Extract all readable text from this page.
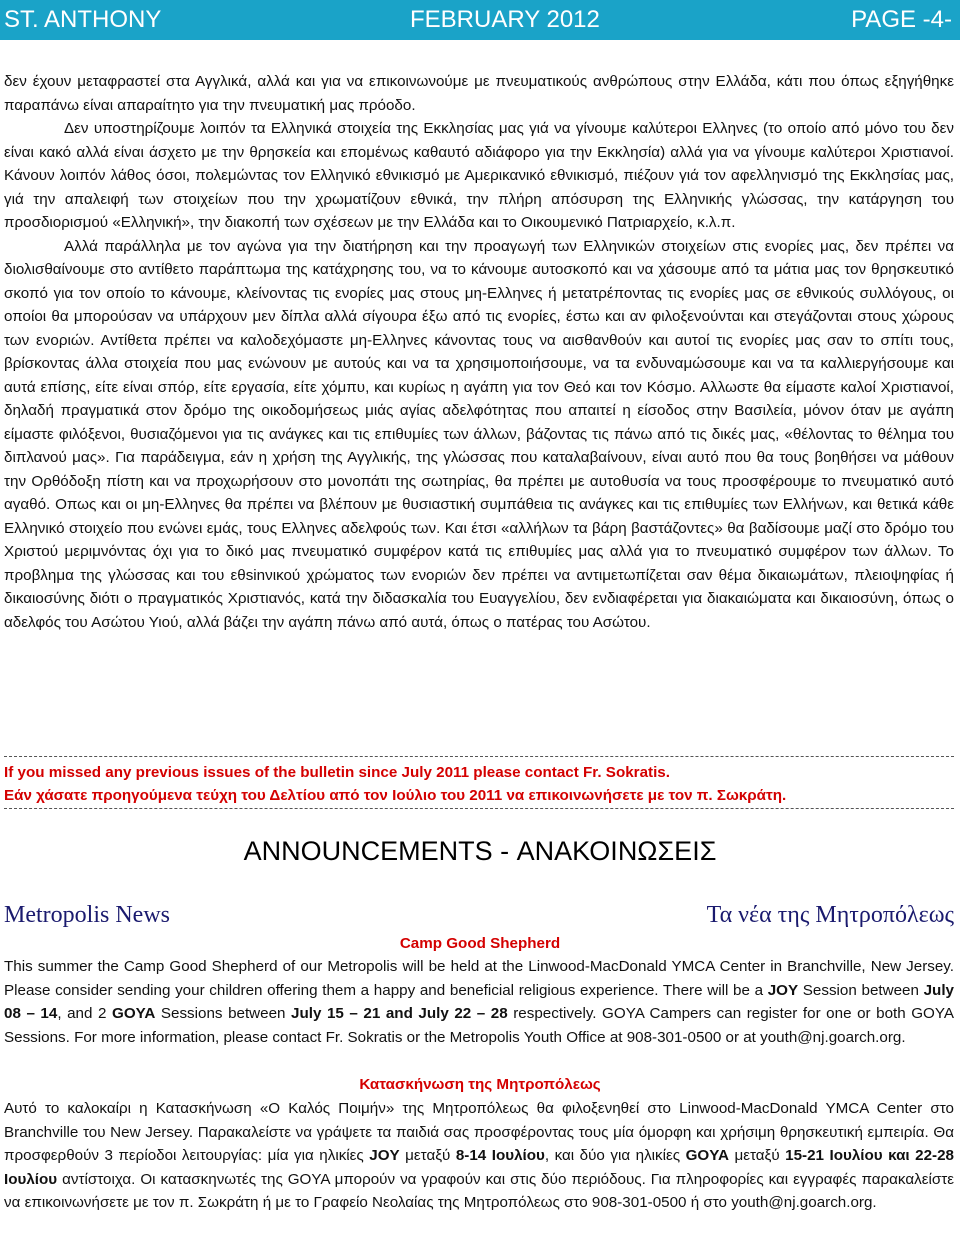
ST. ANTHONY	FEBRUARY 2012	PAGE -4-

δεν έχουν μεταφραστεί στα Αγγλικά, αλλά και για να επικοινωνούμε με πνευματικούς ανθρώπους στην Ελλάδα, κάτι που όπως εξηγήθηκε παραπάνω είναι απαραίτητο για την πνευματική μας πρόοδο.

Δεν υποστηρίζουμε λοιπόν τα Ελληνικά στοιχεία της Εκκλησίας μας γιά να γίνουμε καλύτεροι Ελληνες (το οποίο από μόνο του δεν είναι κακό αλλά είναι άσχετο με την θρησκεία και επομένως καθαυτό αδιάφορο για την Εκκλησία) αλλά για να γίνουμε καλύτεροι Χριστιανοί. Κάνουν λοιπόν λάθος όσοι, πολεμώντας τον Ελληνικό εθνικισμό με Αμερικανικό εθνικισμό, πιέζουν γιά τον αφελληνισμό της Εκκλησίας μας, γιά την απαλειφή των στοιχείων που την χρωματίζουν εθνικά, την πλήρη απόσυρση της Ελληνικής γλώσσας, την κατάργηση του προσδιορισμού «Ελληνική», την διακοπή των σχέσεων με την Ελλάδα και το Οικουμενικό Πατριαρχείο, κ.λ.π.

Αλλά παράλληλα με τον αγώνα για την διατήρηση και την προαγωγή των Ελληνικών στοιχείων στις ενορίες μας, δεν πρέπει να διολισθαίνουμε στο αντίθετο παράπτωμα της κατάχρησης του, να το κάνουμε αυτοσκοπό και να χάσουμε από τα μάτια μας τον θρησκευτικό σκοπό για τον οποίο το κάνουμε, κλείνοντας τις ενορίες μας στους μη-Ελληνες ή μετατρέποντας τις ενορίες μας σε εθνικούς συλλόγους, οι οποίοι θα μπορούσαν να υπάρχουν μεν δίπλα αλλά σίγουρα έξω από τις ενορίες, έστω και αν φιλοξενούνται και στεγάζονται στους χώρους των ενοριών. Αντίθετα πρέπει να καλοδεχόμαστε μη-Ελληνες κάνοντας τους να αισθανθούν και αυτοί τις ενορίες μας σαν το σπίτι τους, βρίσκοντας άλλα στοιχεία που μας ενώνουν με αυτούς και να τα χρησιμοποιήσουμε, να τα ενδυναμώσουμε και να τα καλλιεργήσουμε και αυτά επίσης, είτε είναι σπόρ, είτε εργασία, είτε χόμπυ, και κυρίως η αγάπη για τον Θεό και τον Κόσμο. Αλλωστε θα είμαστε καλοί Χριστιανοί, δηλαδή πραγματικά στον δρόμο της οικοδομήσεως μιάς αγίας αδελφότητας που απαιτεί η είσοδος στην Βασιλεία, μόνον όταν με αγάπη είμαστε φιλόξενοι, θυσιαζόμενοι για τις ανάγκες και τις επιθυμίες των άλλων, βάζοντας τις πάνω από τις δικές μας, «θέλοντας το θέλημα του διπλανού μας». Για παράδειγμα, εάν η χρήση της Αγγλικής, της γλώσσας που καταλαβαίνουν, είναι αυτό που θα τους βοηθήσει να μάθουν την Ορθόδοξη πίστη και να προχωρήσουν στο μονοπάτι της σωτηρίας, θα πρέπει με αυτοθυσία να τους προσφέρουμε το πνευματικό αυτό αγαθό. Οπως και οι μη-Ελληνες θα πρέπει να βλέπουν με θυσιαστική συμπάθεια τις ανάγκες και τις επιθυμίες των Ελλήνων, και θετικά κάθε Ελληνικό στοιχείο που ενώνει εμάς, τους Ελληνες αδελφούς των. Και έτσι «αλλήλων τα βάρη βαστάζοντες» θα βαδίσουμε μαζί στο δρόμο του Χριστού μεριμνόντας όχι για το δικό μας πνευματικό συμφέρον κατά τις επιθυμίες μας αλλά για το πνευματικό συμφέρον των άλλων. Το προβλημα της γλώσσας και του εθsinνικού χρώματος των ενοριών δεν πρέπει να αντιμετωπίζεται σαν θέμα δικαιωμάτων, πλειοψηφίας ή δικαιοσύνης διότι ο πραγματικός Χριστιανός, κατά την διδασκαλία του Ευαγγελίου, δεν ενδιαφέρεται για διακαιώματα και δικαιοσύνη, όπως ο αδελφός του Ασώτου Υιού, αλλά βάζει την αγάπη πάνω από αυτά, όπως ο πατέρας του Ασώτου.

If you missed any previous issues of the bulletin since July 2011 please contact Fr. Sokratis.
Εάν χάσατε προηγούμενα τεύχη του Δελτίου από τον Ιούλιο του 2011 να επικοινωνήσετε με τον π. Σωκράτη.
ANNOUNCEMENTS - ΑΝΑΚΟΙΝΩΣΕΙΣ
Metropolis News	Τα νέα της Μητροπόλεως
Camp Good Shepherd

This summer the Camp Good Shepherd of our Metropolis will be held at the Linwood-MacDonald YMCA Center in Branchville, New Jersey. Please consider sending your children offering them a happy and beneficial religious experience. There will be a JOY Session between July 08 – 14, and 2 GOYA Sessions between July 15 – 21 and July 22 – 28 respectively. GOYA Campers can register for one or both GOYA Sessions. For more information, please contact Fr. Sokratis or the Metropolis Youth Office at 908-301-0500 or at youth@nj.goarch.org.

Κατασκήνωση της Μητροπόλεως

Αυτό το καλοκαίρι η Κατασκήνωση «Ο Καλός Ποιμήν» της Μητροπόλεως θα φιλοξενηθεί στο Linwood-MacDonald YMCA Center στο Branchville του New Jersey. Παρακαλείστε να γράψετε τα παιδιά σας προσφέροντας τους μία όμορφη και χρήσιμη θρησκευτική εμπειρία. Θα προσφερθούν 3 περίοδοι λειτουργίας: μία για ηλικίες JOY μεταξύ 8-14 Ιουλίου, και δύο για ηλικίες GOYA μεταξύ 15-21 Ιουλίου και 22-28 Ιουλίου αντίστοιχα. Οι κατασκηνωτές της GOYA μπορούν να γραφούν και στις δύο περιόδους. Για πληροφορίες και εγγραφές παρακαλείστε να επικοινωνήσετε με τον π. Σωκράτη ή με το Γραφείο Νεολαίας της Μητροπόλεως στο 908-301-0500 ή στο youth@nj.goarch.org.
